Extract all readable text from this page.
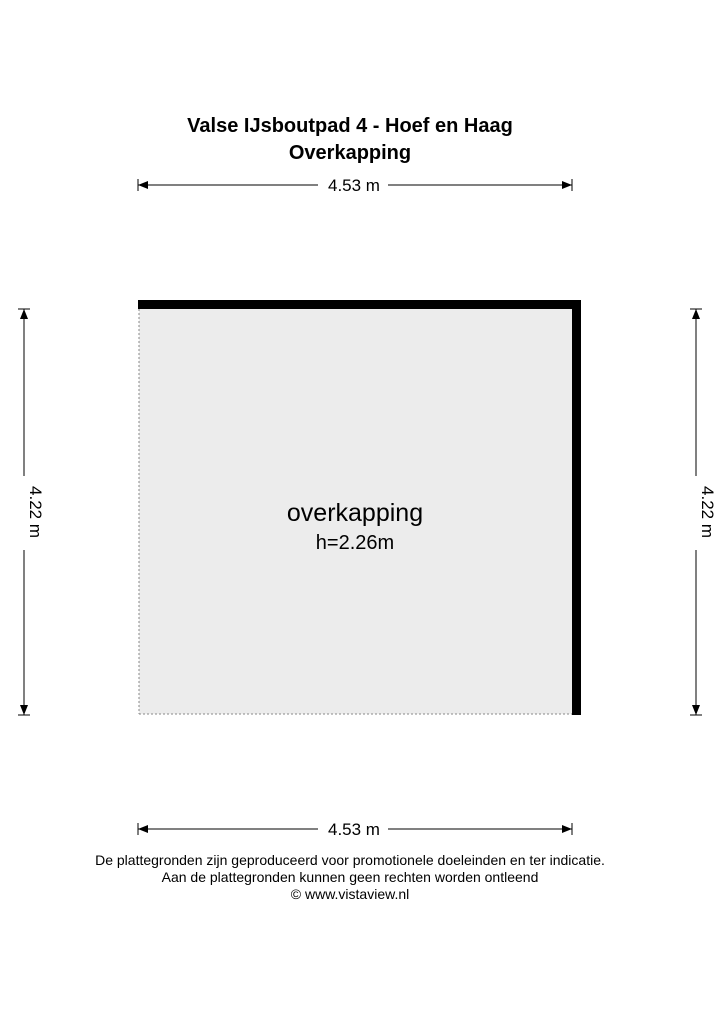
Valse IJsboutpad 4 - Hoef en Haag
Overkapping
4.53 m
overkapping
h=2.26m
4.22 m	4.22 m
4.53 m
De plattegronden zijn geproduceerd voor promotionele doeleinden en ter indicatie.
Aan de plattegronden kunnen geen rechten worden ontleend
© www.vistaview.nl
